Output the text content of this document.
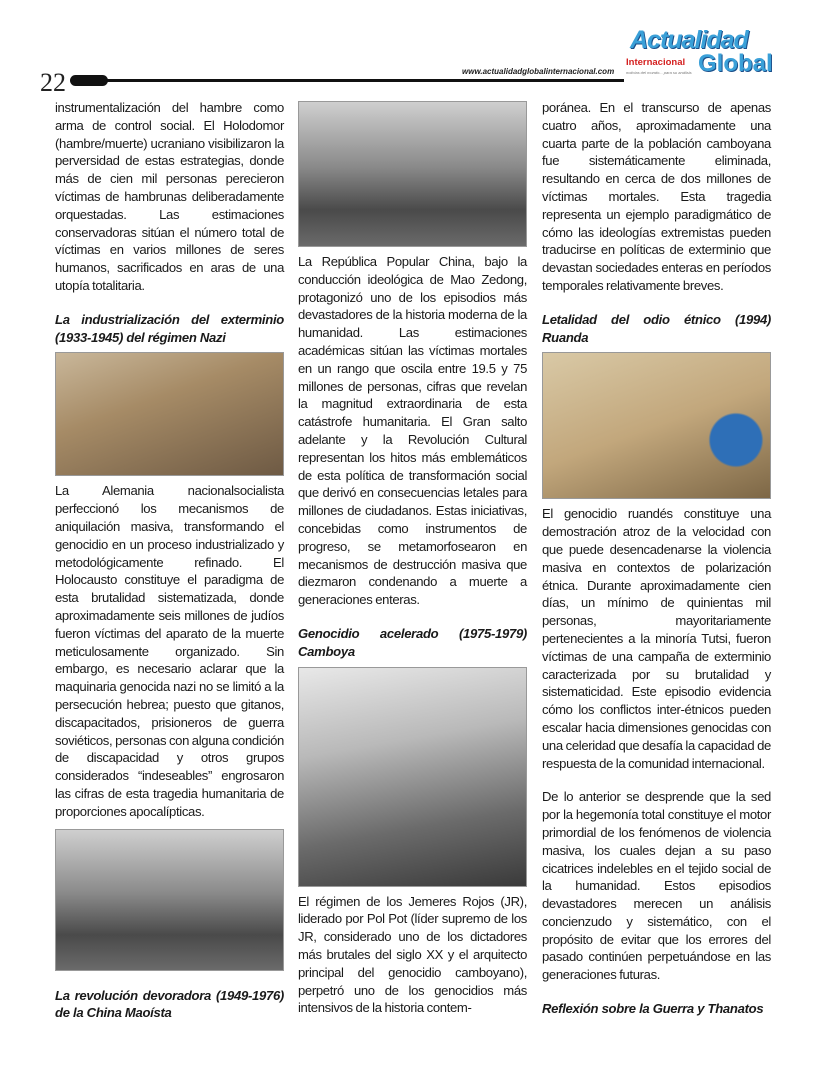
22	www.actualidadglobalinternacional.com
Actualidad
Internacional Global
noticias del mundo... para su análisis

instrumentalización del hambre como arma de control social. El Holodomor (hambre/muerte) ucraniano visibilizaron la perversidad de estas estrategias, donde más de cien mil personas perecieron víctimas de hambrunas deliberadamente orquestadas. Las estimaciones conservadoras sitúan el número total de víctimas en varios millones de seres humanos, sacrificados en aras de una utopía totalitaria.

La industrialización del exterminio (1933-1945) del régimen Nazi

La Alemania nacionalsocialista perfeccionó los mecanismos de aniquilación masiva, transformando el genocidio en un proceso industrializado y metodológicamente refinado. El Holocausto constituye el paradigma de esta brutalidad sistematizada, donde aproximadamente seis millones de judíos fueron víctimas del aparato de la muerte meticulosamente organizado. Sin embargo, es necesario aclarar que la maquinaria genocida nazi no se limitó a la persecución hebrea; puesto que gitanos, discapacitados, prisioneros de guerra soviéticos, personas con alguna condición de discapacidad y otros grupos considerados “indeseables” engrosaron las cifras de esta tragedia humanitaria de proporciones apocalípticas.

La revolución devoradora (1949-1976) de la China Maoísta

La República Popular China, bajo la conducción ideológica de Mao Zedong, protagonizó uno de los episodios más devastadores de la historia moderna de la humanidad. Las estimaciones académicas sitúan las víctimas mortales en un rango que oscila entre 19.5 y 75 millones de personas, cifras que revelan la magnitud extraordinaria de esta catástrofe humanitaria. El Gran salto adelante y la Revolución Cultural representan los hitos más emblemáticos de esta política de transformación social que derivó en consecuencias letales para millones de ciudadanos. Estas iniciativas, concebidas como instrumentos de progreso, se metamorfosearon en mecanismos de destrucción masiva que diezmaron condenando a muerte a generaciones enteras.

Genocidio acelerado (1975-1979) Camboya

El régimen de los Jemeres Rojos (JR), liderado por Pol Pot (líder supremo de los JR, considerado uno de los dictadores más brutales del siglo XX y el arquitecto principal del genocidio camboyano), perpetró uno de los genocidios más intensivos de la historia contem-

poránea. En el transcurso de apenas cuatro años, aproximadamente una cuarta parte de la población camboyana fue sistemáticamente eliminada, resultando en cerca de dos millones de víctimas mortales. Esta tragedia representa un ejemplo paradigmático de cómo las ideologías extremistas pueden traducirse en políticas de exterminio que devastan sociedades enteras en períodos temporales relativamente breves.

Letalidad del odio étnico (1994) Ruanda

El genocidio ruandés constituye una demostración atroz de la velocidad con que puede desencadenarse la violencia masiva en contextos de polarización étnica. Durante aproximadamente cien días, un mínimo de quinientas mil personas, mayoritariamente pertenecientes a la minoría Tutsi, fueron víctimas de una campaña de exterminio caracterizada por su brutalidad y sistematicidad. Este episodio evidencia cómo los conflictos inter-étnicos pueden escalar hacia dimensiones genocidas con una celeridad que desafía la capacidad de respuesta de la comunidad internacional.

De lo anterior se desprende que la sed por la hegemonía total constituye el motor primordial de los fenómenos de violencia masiva, los cuales dejan a su paso cicatrices indelebles en el tejido social de la humanidad. Estos episodios devastadores merecen un análisis concienzudo y sistemático, con el propósito de evitar que los errores del pasado continúen perpetuándose en las generaciones futuras.

Reflexión sobre la Guerra y Thanatos
